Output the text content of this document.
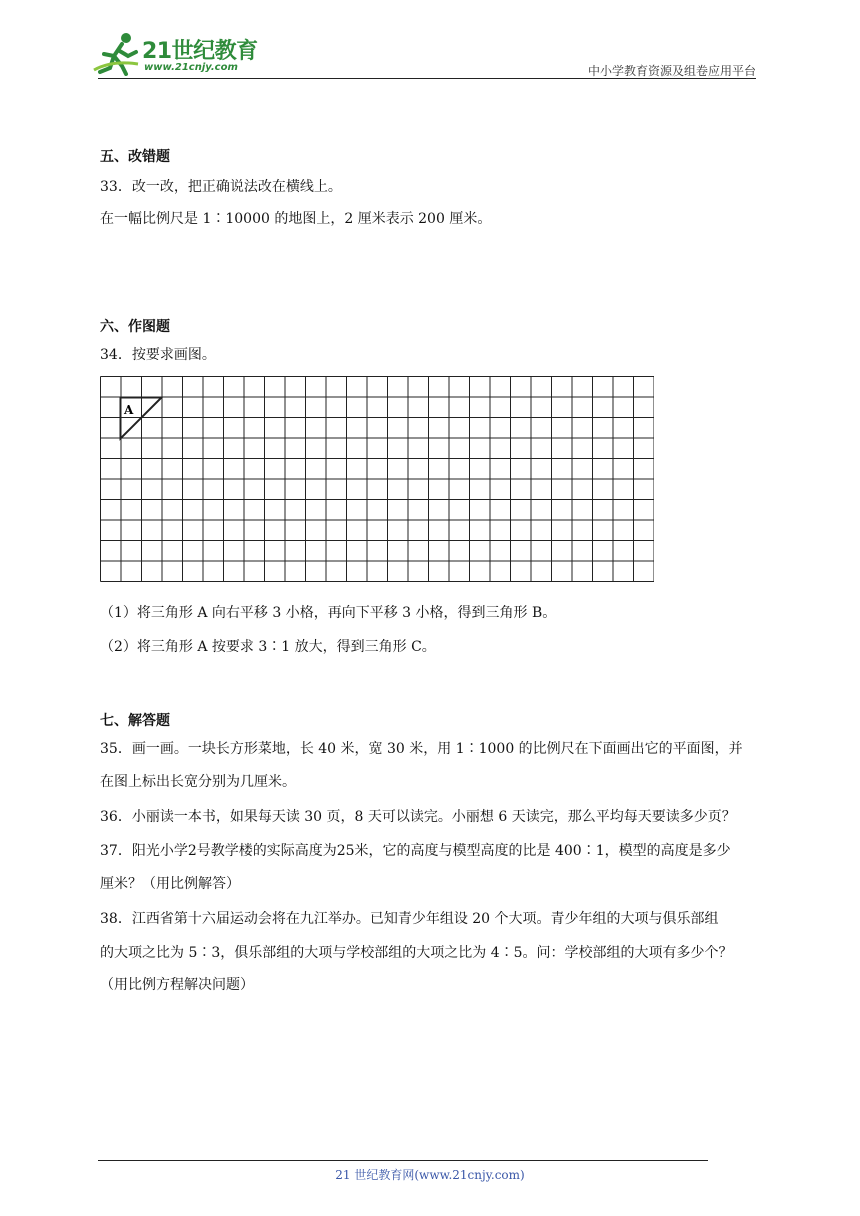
21世纪教育
www.21cnjy.com	中小学教育资源及组卷应用平台
五、改错题
33．改一改，把正确说法改在横线上。
在一幅比例尺是 1∶10000 的地图上，2 厘米表示 200 厘米。
六、作图题
34．按要求画图。
A
（1）将三角形 A 向右平移 3 小格，再向下平移 3 小格，得到三角形 B。
（2）将三角形 A 按要求 3∶1 放大，得到三角形 C。
七、解答题
35．画一画。一块长方形菜地，长 40 米，宽 30 米，用 1∶1000 的比例尺在下面画出它的平面图，并
在图上标出长宽分别为几厘米。
36．小丽读一本书，如果每天读 30 页，8 天可以读完。小丽想 6 天读完，那么平均每天要读多少页？
37．阳光小学2号教学楼的实际高度为25米，它的高度与模型高度的比是 400∶1，模型的高度是多少
厘米？（用比例解答）
38．江西省第十六届运动会将在九江举办。已知青少年组设 20 个大项。青少年组的大项与俱乐部组
的大项之比为 5∶3，俱乐部组的大项与学校部组的大项之比为 4∶5。问：学校部组的大项有多少个？
（用比例方程解决问题）
21 世纪教育网(www.21cnjy.com)
